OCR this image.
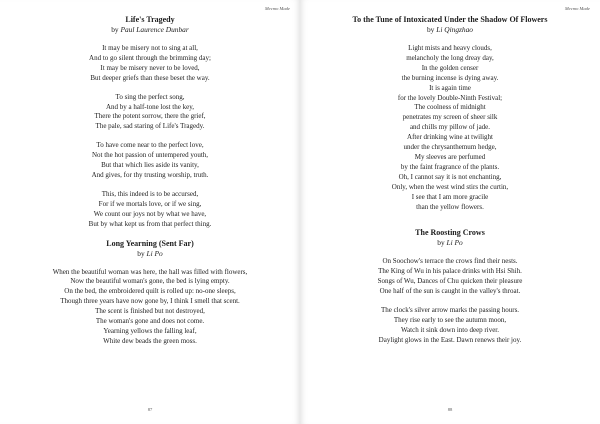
Mecmo Made
Life's Tragedy
by Paul Laurence Dunbar
It may be misery not to sing at all,
And to go silent through the brimming day;
It may be misery never to be loved,
But deeper griefs than these beset the way.
To sing the perfect song,
And by a half-tone lost the key,
There the potent sorrow, there the grief,
The pale, sad staring of Life's Tragedy.
To have come near to the perfect love,
Not the hot passion of untempered youth,
But that which lies aside its vanity,
And gives, for thy trusting worship, truth.
This, this indeed is to be accursed,
For if we mortals love, or if we sing,
We count our joys not by what we have,
But by what kept us from that perfect thing.
Long Yearning (Sent Far)
by Li Po
When the beautiful woman was here, the hall was filled with flowers,
Now the beautiful woman's gone, the bed is lying empty.
On the bed, the embroidered quilt is rolled up: no-one sleeps,
Though three years have now gone by, I think I smell that scent.
The scent is finished but not destroyed,
The woman's gone and does not come.
Yearning yellows the falling leaf,
White dew beads the green moss.
87
Mecmo Made
To the Tune of Intoxicated Under the Shadow Of Flowers
by Li Qingzhao
Light mists and heavy clouds,
melancholy the long dreay day,
In the golden censer
the burning incense is dying away.
It is again time
for the lovely Double-Ninth Festival;
The coolness of midnight
penetrates my screen of sheer silk
and chills my pillow of jade.
After drinking wine at twilight
under the chrysanthemum hedge,
My sleeves are perfumed
by the faint fragrance of the plants.
Oh, I cannot say it is not enchanting,
Only, when the west wind stirs the curtin,
I see that I am more gracile
than the yellow flowers.
The Roosting Crows
by Li Po
On Soochow's terrace the crows find their nests.
The King of Wu in his palace drinks with Hsi Shih.
Songs of Wu, Dances of Chu quicken their pleasure
One half of the sun is caught in the valley's throat.
The clock's silver arrow marks the passing hours.
They rise early to see the autumn moon,
Watch it sink down into deep river.
Daylight glows in the East. Dawn renews their joy.
88
